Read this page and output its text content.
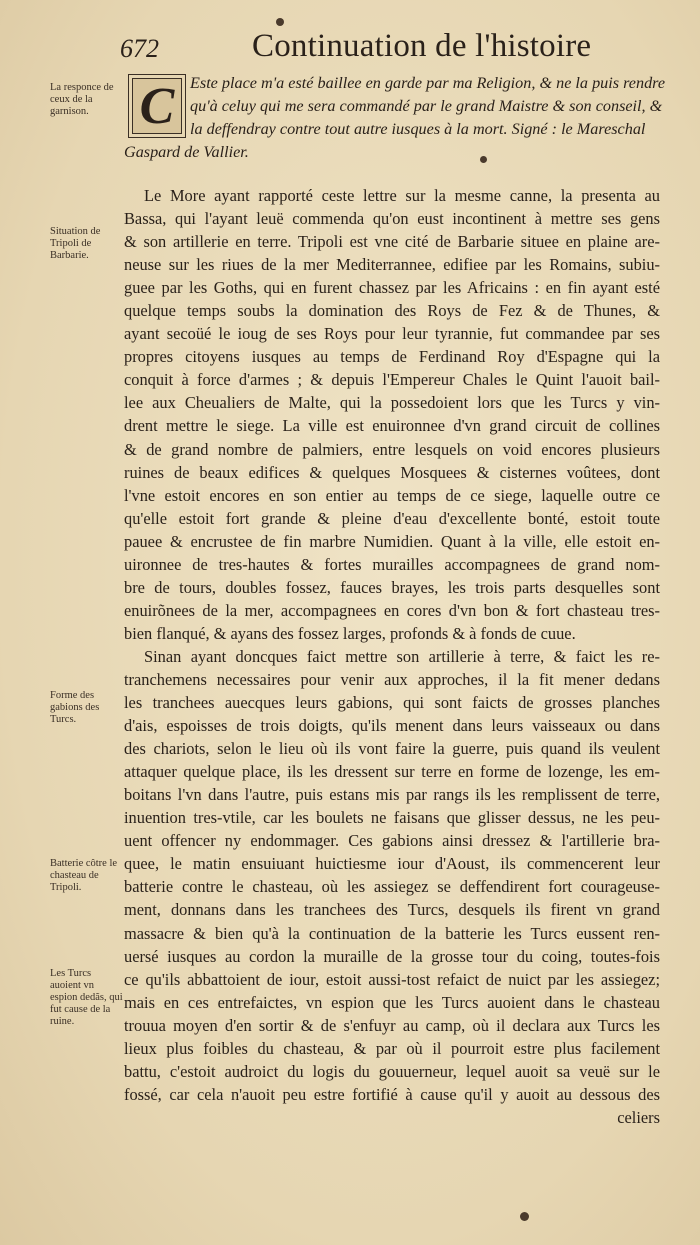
672	Continuation de l'histoire
La responce de ceux de la garnison.
Situation de Tripoli de Barbarie.
Forme des gabions des Turcs.
Batterie côtre le chasteau de Tripoli.
Les Turcs auoient vn espion dedãs, qui fut cause de la ruine.
Este place m'a esté baillee en garde par ma Religion, & ne la puis rendre
qu'à celuy qui me sera commandé par le grand Maistre & son conseil, &
la deffendray contre tout autre iusques à la mort. Signé : le Mareschal
Gaspard de Vallier.
C
Le More ayant rapporté ceste lettre sur la mesme canne, la presenta au
Bassa, qui l'ayant leuë commenda qu'on eust incontinent à mettre ses gens
& son artillerie en terre. Tripoli est vne cité de Barbarie situee en plaine are-
neuse sur les riues de la mer Mediterrannee, edifiee par les Romains, subiu-
guee par les Goths, qui en furent chassez par les Africains : en fin ayant esté
quelque temps soubs la domination des Roys de Fez & de Thunes, &
ayant secoüé le ioug de ses Roys pour leur tyrannie, fut commandee par ses
propres citoyens iusques au temps de Ferdinand Roy d'Espagne qui la
conquit à force d'armes ; & depuis l'Empereur Chales le Quint l'auoit bail-
lee aux Cheualiers de Malte, qui la possedoient lors que les Turcs y vin-
drent mettre le siege. La ville est enuironnee d'vn grand circuit de collines
& de grand nombre de palmiers, entre lesquels on void encores plusieurs
ruines de beaux edifices & quelques Mosquees & cisternes voûtees, dont
l'vne estoit encores en son entier au temps de ce siege, laquelle outre ce
qu'elle estoit fort grande & pleine d'eau d'excellente bonté, estoit toute
pauee & encrustee de fin marbre Numidien. Quant à la ville, elle estoit en-
uironnee de tres-hautes & fortes murailles accompagnees de grand nom-
bre de tours, doubles fossez, fauces brayes, les trois parts desquelles sont
enuirõnees de la mer, accompagnees en cores d'vn bon & fort chasteau tres-
bien flanqué, & ayans des fossez larges, profonds & à fonds de cuue.
Sinan ayant doncques faict mettre son artillerie à terre, & faict les re-
tranchemens necessaires pour venir aux approches, il la fit mener dedans
les tranchees auecques leurs gabions, qui sont faicts de grosses planches
d'ais, espoisses de trois doigts, qu'ils menent dans leurs vaisseaux ou dans
des chariots, selon le lieu où ils vont faire la guerre, puis quand ils veulent
attaquer quelque place, ils les dressent sur terre en forme de lozenge, les em-
boitans l'vn dans l'autre, puis estans mis par rangs ils les remplissent de terre,
inuention tres-vtile, car les boulets ne faisans que glisser dessus, ne les peu-
uent offencer ny endommager. Ces gabions ainsi dressez & l'artillerie bra-
quee, le matin ensuiuant huictiesme iour d'Aoust, ils commencerent leur
batterie contre le chasteau, où les assiegez se deffendirent fort courageuse-
ment, donnans dans les tranchees des Turcs, desquels ils firent vn grand
massacre & bien qu'à la continuation de la batterie les Turcs eussent ren-
uersé iusques au cordon la muraille de la grosse tour du coing, toutes-fois
ce qu'ils abbattoient de iour, estoit aussi-tost refaict de nuict par les assiegez;
mais en ces entrefaictes, vn espion que les Turcs auoient dans le chasteau
trouua moyen d'en sortir & de s'enfuyr au camp, où il declara aux Turcs les
lieux plus foibles du chasteau, & par où il pourroit estre plus facilement
battu, c'estoit audroict du logis du gouuerneur, lequel auoit sa veuë sur le
fossé, car cela n'auoit peu estre fortifié à cause qu'il y auoit au dessous des
celiers
